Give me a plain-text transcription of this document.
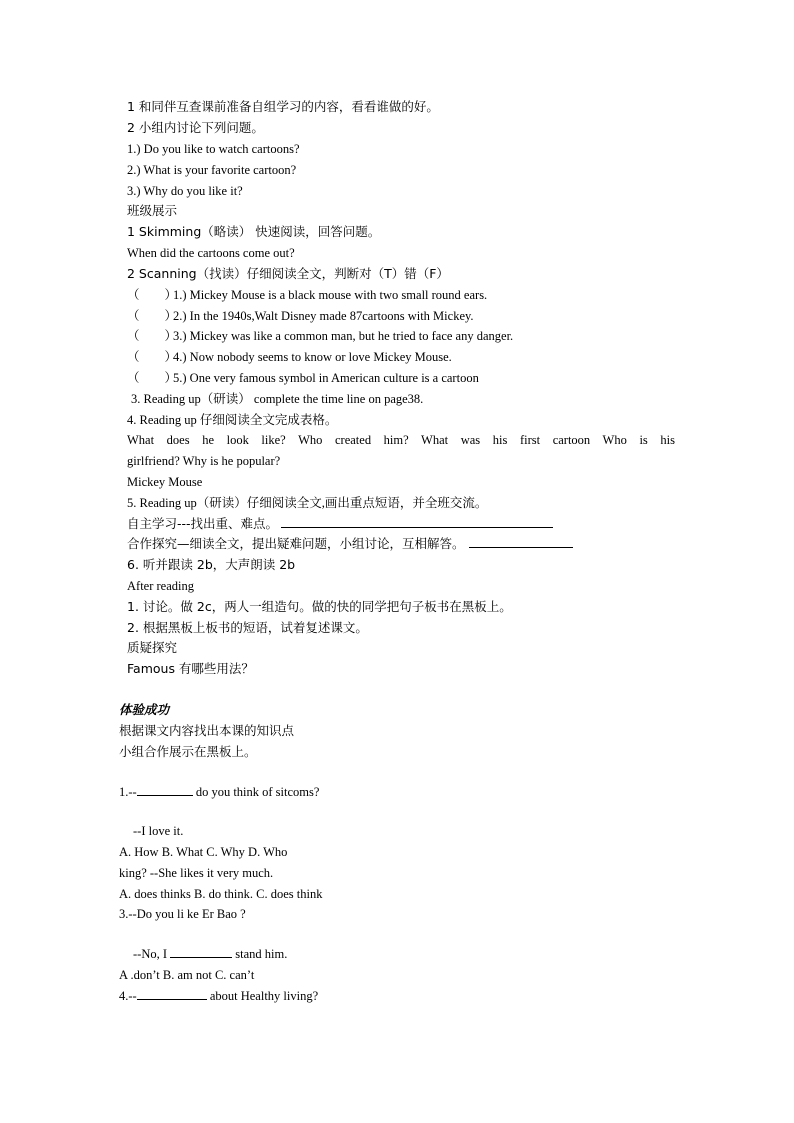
1 和同伴互查课前准备自组学习的内容，看看谁做的好。
2 小组内讨论下列问题。
1.) Do you like to watch cartoons?
2.) What is your favorite cartoon?
3.) Why do you like it?
班级展示
1 Skimming（略读） 快速阅读，回答问题。
When did the cartoons come out?
2 Scanning（找读）仔细阅读全文，判断对（T）错（F）
（　　）1.) Mickey Mouse is a black mouse with two small round ears.
（　　）2.) In the 1940s,Walt Disney made 87cartoons with Mickey.
（　　）3.) Mickey was like a common man, but he tried to face any danger.
（　　）4.) Now nobody seems to know or love Mickey Mouse.
（　　）5.) One very famous symbol in American culture is a cartoon
3. Reading up（研读） complete the time line on page38.
4. Reading up 仔细阅读全文完成表格。
What does he look like? Who created him? What was his first cartoon Who is his
girlfriend? Why is he popular?
Mickey Mouse
5. Reading up（研读）仔细阅读全文,画出重点短语，并全班交流。
自主学习---找出重、难点。
合作探究—细读全文，提出疑难问题，小组讨论，互相解答。
6. 听并跟读 2b，大声朗读 2b
After reading
1. 讨论。做 2c，两人一组造句。做的快的同学把句子板书在黑板上。
2. 根据黑板上板书的短语，试着复述课文。
质疑探究
Famous 有哪些用法？
体验成功
根据课文内容找出本课的知识点
小组合作展示在黑板上。
1.--	do you think of sitcoms?
--I love it.
A. How B. What C. Why D. Who
king? --She likes it very much.
A. does thinks B. do think. C. does think
3.--Do you li ke Er Bao ?
--No, I	stand him.
A .don’t B. am not C. can’t
4.--	about Healthy living?
